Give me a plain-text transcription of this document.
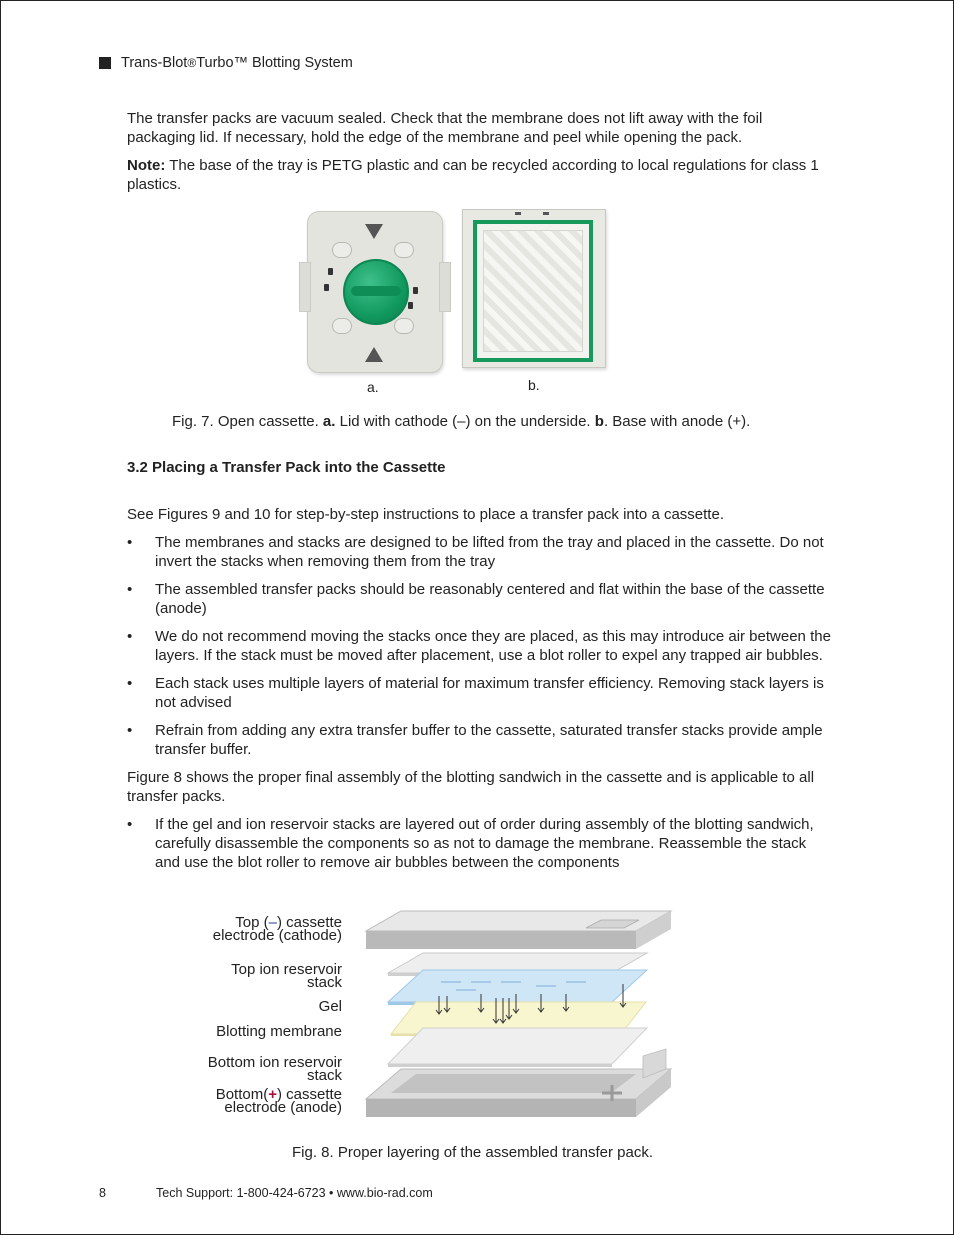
Trans-Blot ® Turbo™ Blotting System

The transfer packs are vacuum sealed. Check that the membrane does not lift away with the foil packaging lid. If necessary, hold the edge of the membrane and peel while opening the pack.

Note: The base of the tray is PETG plastic and can be recycled according to local regulations for class 1 plastics.

a.	b.
Fig. 7. Open cassette. a. Lid with cathode (–) on the underside. b. Base with anode (+).
3.2 Placing a Transfer Pack into the Cassette

See Figures 9 and 10 for step-by-step instructions to place a transfer pack into a cassette.

• The membranes and stacks are designed to be lifted from the tray and placed in the cassette. Do not invert the stacks when removing them from the tray
• The assembled transfer packs should be reasonably centered and flat within the base of the cassette (anode)
• We do not recommend moving the stacks once they are placed, as this may introduce air between the layers. If the stack must be moved after placement, use a blot roller to expel any trapped air bubbles.
• Each stack uses multiple layers of material for maximum transfer efficiency. Removing stack layers is not advised
• Refrain from adding any extra transfer buffer to the cassette, saturated transfer stacks provide ample transfer buffer.

Figure 8 shows the proper final assembly of the blotting sandwich in the cassette and is applicable to all transfer packs.

• If the gel and ion reservoir stacks are layered out of order during assembly of the blotting sandwich, carefully disassemble the components so as not to damage the membrane. Reassemble the stack and use the blot roller to remove air bubbles between the components
Top (–) cassette
electrode (cathode)
Top ion reservoir
stack
Gel
Blotting membrane
Bottom ion reservoir
stack
Bottom(+) cassette
electrode (anode)
Fig. 8. Proper layering of the assembled transfer pack.
8	Tech Support: 1-800-424-6723 • www.bio-rad.com
